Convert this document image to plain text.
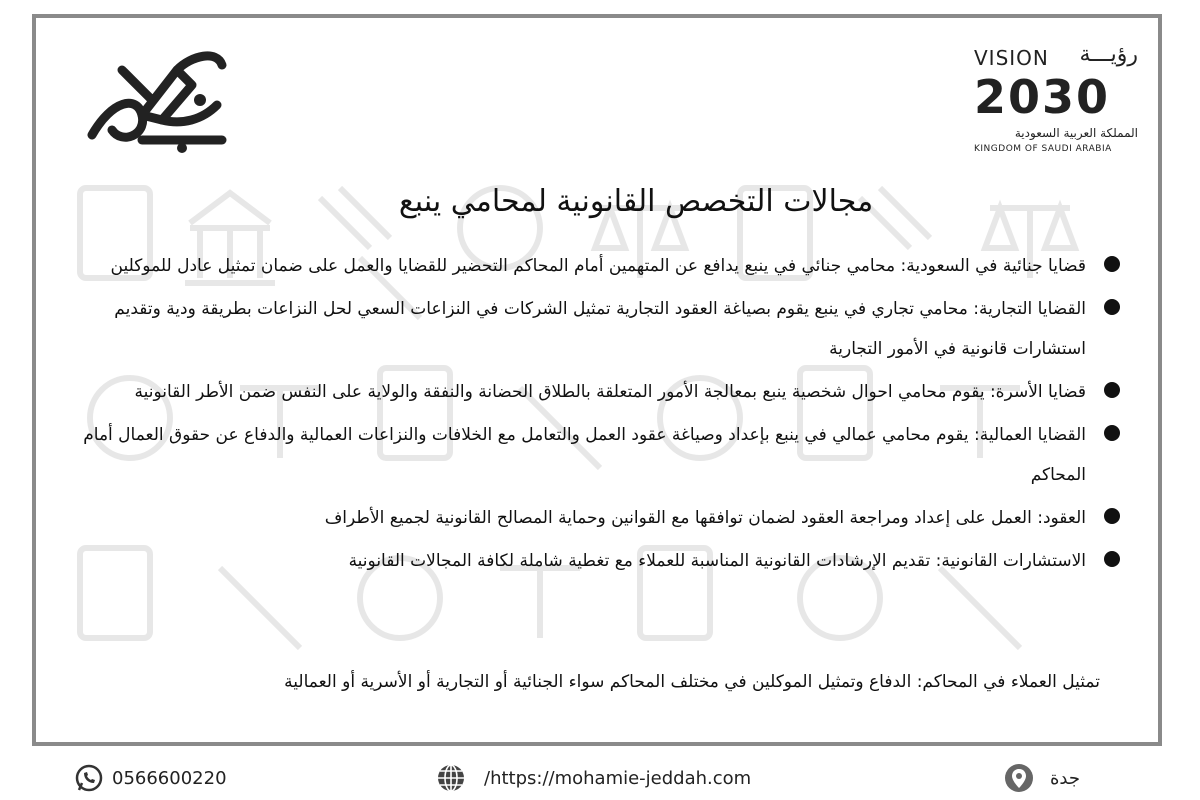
VISION رؤيـــة
2030
المملكة العربية السعودية
KINGDOM OF SAUDI ARABIA
مجالات التخصص القانونية لمحامي ينبع
قضايا جنائية في السعودية: محامي جنائي في ينبع يدافع عن المتهمين أمام المحاكم التحضير للقضايا والعمل على ضمان تمثيل عادل للموكلين
القضايا التجارية: محامي تجاري في ينبع يقوم بصياغة العقود التجارية تمثيل الشركات في النزاعات السعي لحل النزاعات بطريقة ودية وتقديم استشارات قانونية في الأمور التجارية
قضايا الأسرة: يقوم محامي احوال شخصية ينبع بمعالجة الأمور المتعلقة بالطلاق الحضانة والنفقة والولاية على النفس ضمن الأطر القانونية
القضايا العمالية: يقوم محامي عمالي في ينبع بإعداد وصياغة عقود العمل والتعامل مع الخلافات والنزاعات العمالية والدفاع عن حقوق العمال أمام المحاكم
العقود: العمل على إعداد ومراجعة العقود لضمان توافقها مع القوانين وحماية المصالح القانونية لجميع الأطراف
الاستشارات القانونية: تقديم الإرشادات القانونية المناسبة للعملاء مع تغطية شاملة لكافة المجالات القانونية
تمثيل العملاء في المحاكم: الدفاع وتمثيل الموكلين في مختلف المحاكم سواء الجنائية أو التجارية أو الأسرية أو العمالية
0566600220	/https://mohamie-jeddah.com	جدة
